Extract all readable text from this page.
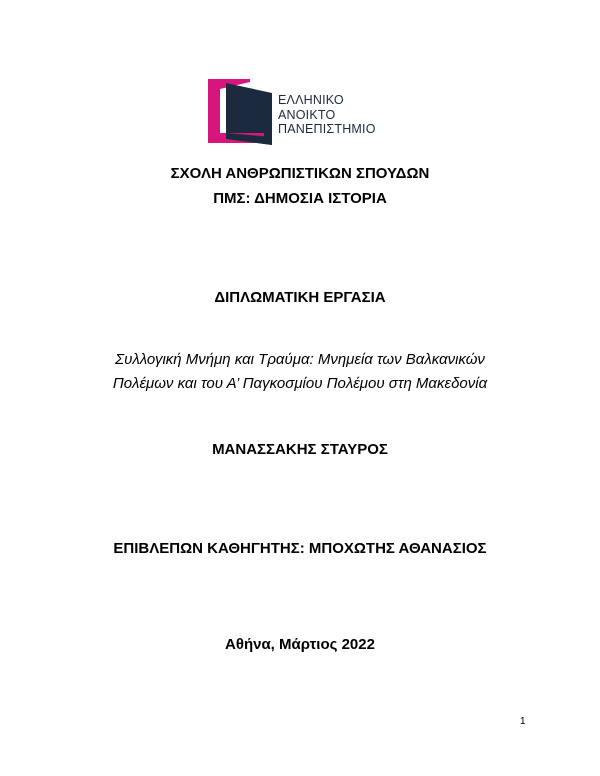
ΕΛΛΗΝΙΚΟ
ΑΝΟΙΚΤΟ
ΠΑΝΕΠΙΣΤΗΜΙΟ
ΣΧΟΛΗ ΑΝΘΡΩΠΙΣΤΙΚΩΝ ΣΠΟΥΔΩΝ
ΠΜΣ: ΔΗΜΟΣΙΑ ΙΣΤΟΡΙΑ
ΔΙΠΛΩΜΑΤΙΚΗ ΕΡΓΑΣΙΑ
Συλλογική Μνήμη και Τραύμα: Μνημεία των Βαλκανικών
Πολέμων και του Α’ Παγκοσμίου Πολέμου στη Μακεδονία
ΜΑΝΑΣΣΑΚΗΣ ΣΤΑΥΡΟΣ
ΕΠΙΒΛΕΠΩΝ ΚΑΘΗΓΗΤΗΣ: ΜΠΟΧΩΤΗΣ ΑΘΑΝΑΣΙΟΣ
Αθήνα, Μάρτιος 2022
1
